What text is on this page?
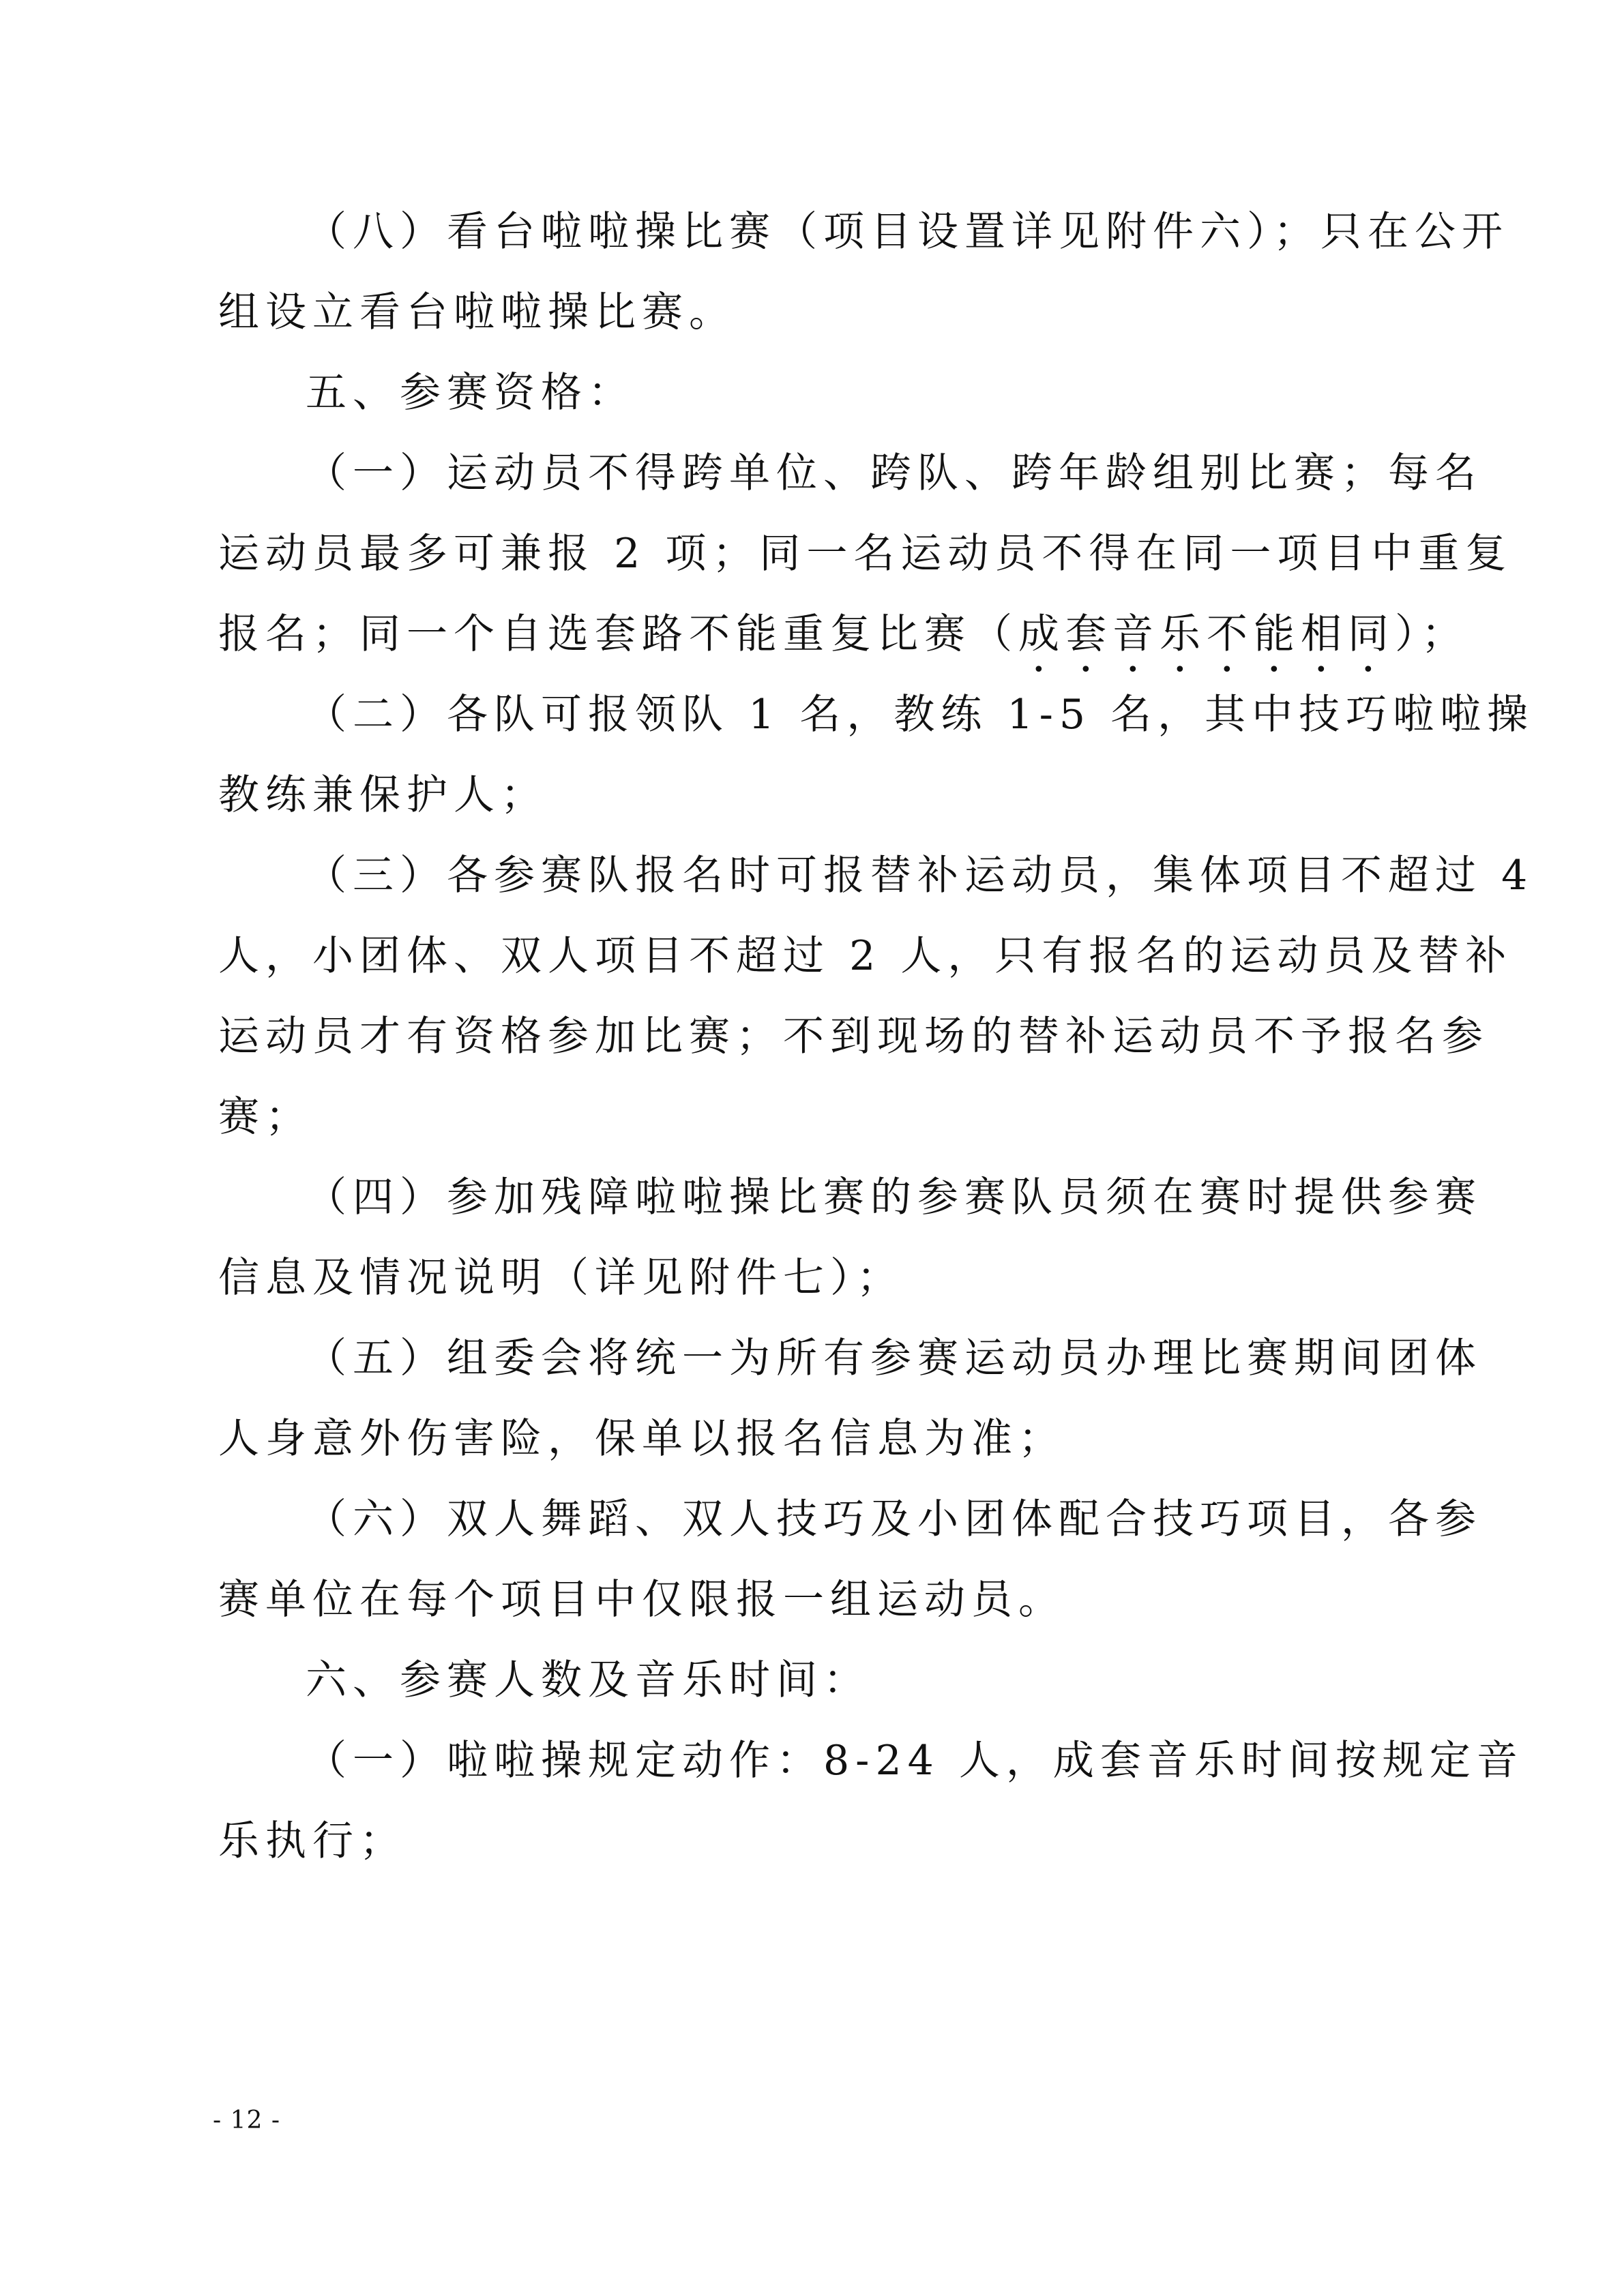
（八）看台啦啦操比赛（项目设置详见附件六）；只在公开
组设立看台啦啦操比赛。
五、参赛资格：
（一）运动员不得跨单位、跨队、跨年龄组别比赛；每名
运动员最多可兼报 2 项；同一名运动员不得在同一项目中重复
报名；同一个自选套路不能重复比赛（成套音乐不能相同）；
（二）各队可报领队 1 名，教练 1-5 名，其中技巧啦啦操
教练兼保护人；
（三）各参赛队报名时可报替补运动员，集体项目不超过 4
人，小团体、双人项目不超过 2 人，只有报名的运动员及替补
运动员才有资格参加比赛；不到现场的替补运动员不予报名参
赛；
（四）参加残障啦啦操比赛的参赛队员须在赛时提供参赛
信息及情况说明（详见附件七）；
（五）组委会将统一为所有参赛运动员办理比赛期间团体
人身意外伤害险，保单以报名信息为准；
（六）双人舞蹈、双人技巧及小团体配合技巧项目，各参
赛单位在每个项目中仅限报一组运动员。
六、参赛人数及音乐时间：
（一）啦啦操规定动作：8-24 人，成套音乐时间按规定音
乐执行；
- 12 -
